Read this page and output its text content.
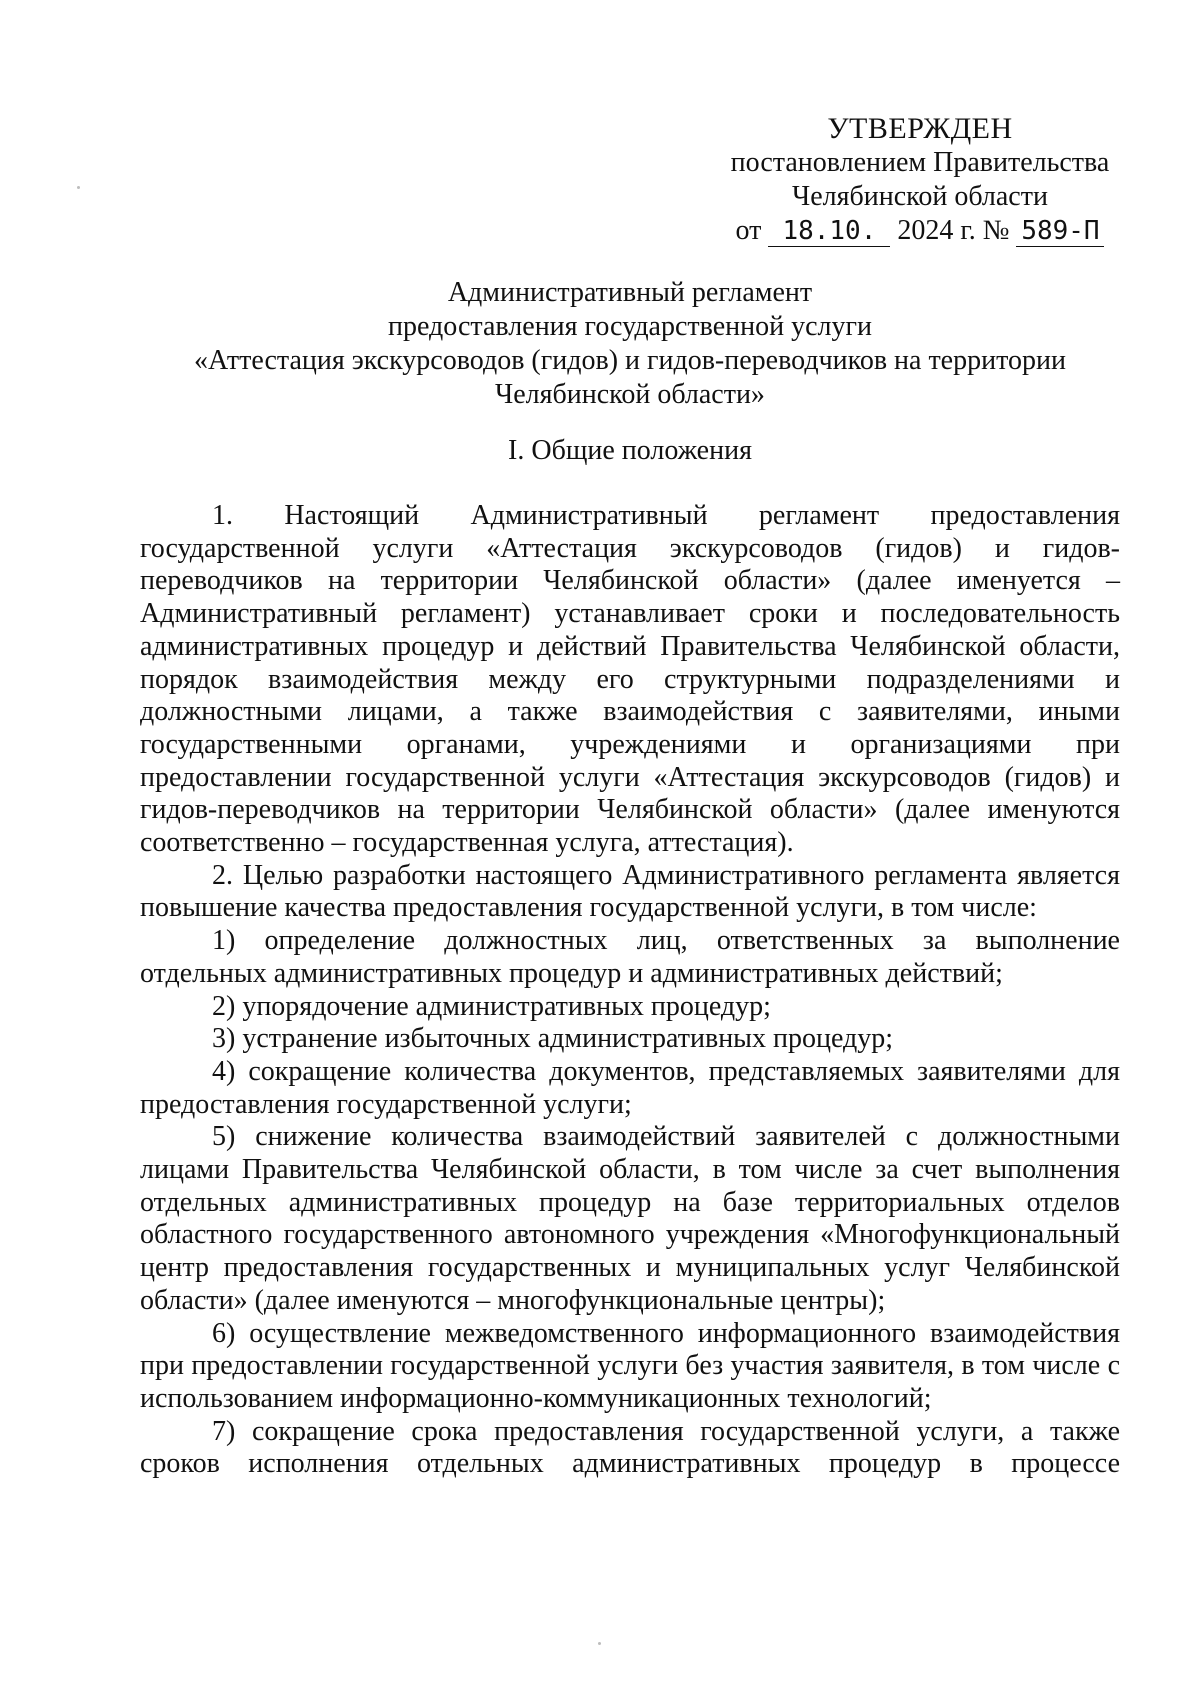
УТВЕРЖДЕН
постановлением Правительства
Челябинской области
от 18.10. 2024 г. № 589-П
Административный регламент
предоставления государственной услуги
«Аттестация экскурсоводов (гидов) и гидов-переводчиков на территории
Челябинской области»
I. Общие положения

1. Настоящий Административный регламент предоставления государственной услуги «Аттестация экскурсоводов (гидов) и гидов-переводчиков на территории Челябинской области» (далее именуется – Административный регламент) устанавливает сроки и последовательность административных процедур и действий Правительства Челябинской области, порядок взаимодействия между его структурными подразделениями и должностными лицами, а также взаимодействия с заявителями, иными государственными органами, учреждениями и организациями при предоставлении государственной услуги «Аттестация экскурсоводов (гидов) и гидов-переводчиков на территории Челябинской области» (далее именуются соответственно – государственная услуга, аттестация).

2. Целью разработки настоящего Административного регламента является повышение качества предоставления государственной услуги, в том числе:

1) определение должностных лиц, ответственных за выполнение отдельных административных процедур и административных действий;

2) упорядочение административных процедур;

3) устранение избыточных административных процедур;

4) сокращение количества документов, представляемых заявителями для предоставления государственной услуги;

5) снижение количества взаимодействий заявителей с должностными лицами Правительства Челябинской области, в том числе за счет выполнения отдельных административных процедур на базе территориальных отделов областного государственного автономного учреждения «Многофункциональный центр предоставления государственных и муниципальных услуг Челябинской области» (далее именуются – многофункциональные центры);

6) осуществление межведомственного информационного взаимодействия при предоставлении государственной услуги без участия заявителя, в том числе с использованием информационно-коммуникационных технологий;

7) сокращение срока предоставления государственной услуги, а также сроков исполнения отдельных административных процедур в процессе
